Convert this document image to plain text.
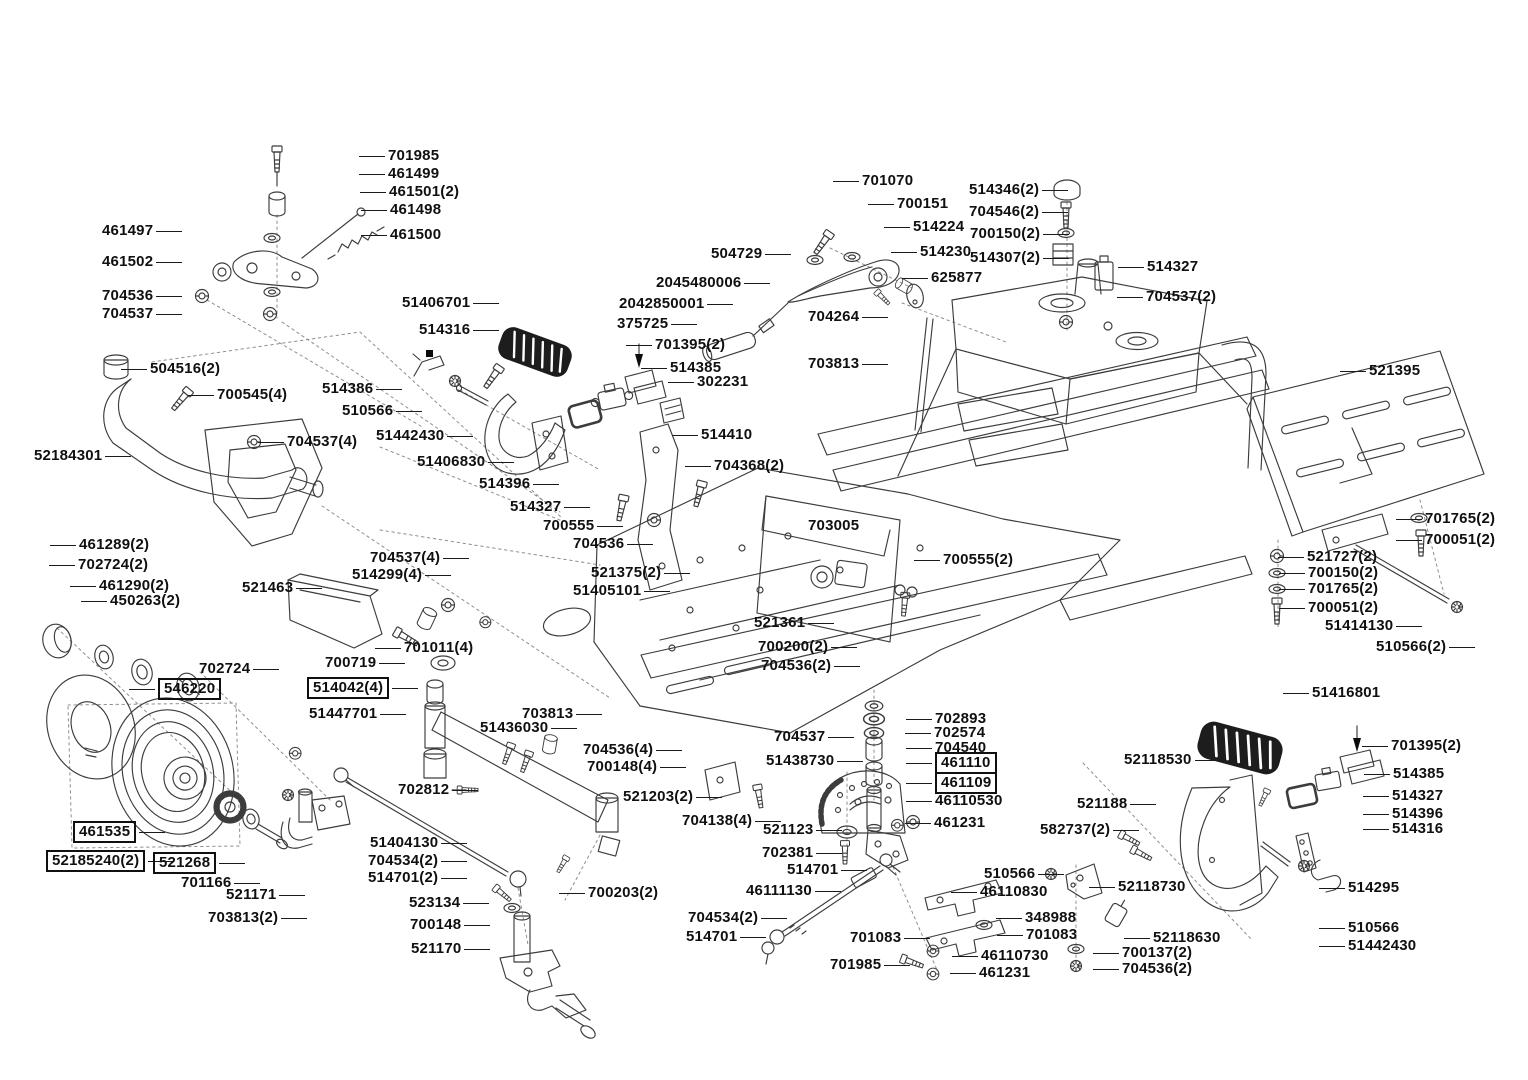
701985
461499
461501(2)
461498
461500
461497
461502
704536
704537
701070
700151
514224
514230
504729
2045480006
2042850001
375725
701395(2)
514385
302231
704264
703813
625877
514346(2)
704546(2)
700150(2)
514307(2)
514327
704537(2)
521395
504516(2)
700545(4)
704537(4)
52184301
514386
510566
51442430
51406701
514316
51406830
514396
514327
700555
704536
514410
704368(2)
703005
700555(2)
521375(2)
51405101
521361
700200(2)
704536(2)
701765(2)
700051(2)
521727(2)
700150(2)
701765(2)
700051(2)
51414130
510566(2)
461289(2)
702724(2)
461290(2)
450263(2)
521463
704537(4)
514299(4)
701011(4)
700719
702724
546220	514042(4)
51447701
461535
52185240(2)	521268
701166
521171
703813(2)
702812
51404130
704534(2)
514701(2)
523134
700148
521170
700203(2)
703813
51436030
704536(4)
700148(4)
521203(2)
704138(4)
704537
51438730
702893
702574
704540
461110
461109
46110530
461231
521123
702381
514701
46111130
704534(2)
514701	701083
701985
510566
46110830
348988
701083
46110730
461231
52118530
521188
582737(2)
52118730
52118630
700137(2)
704536(2)
51416801
701395(2)
514385
514327
514396
514316
514295
510566
51442430
